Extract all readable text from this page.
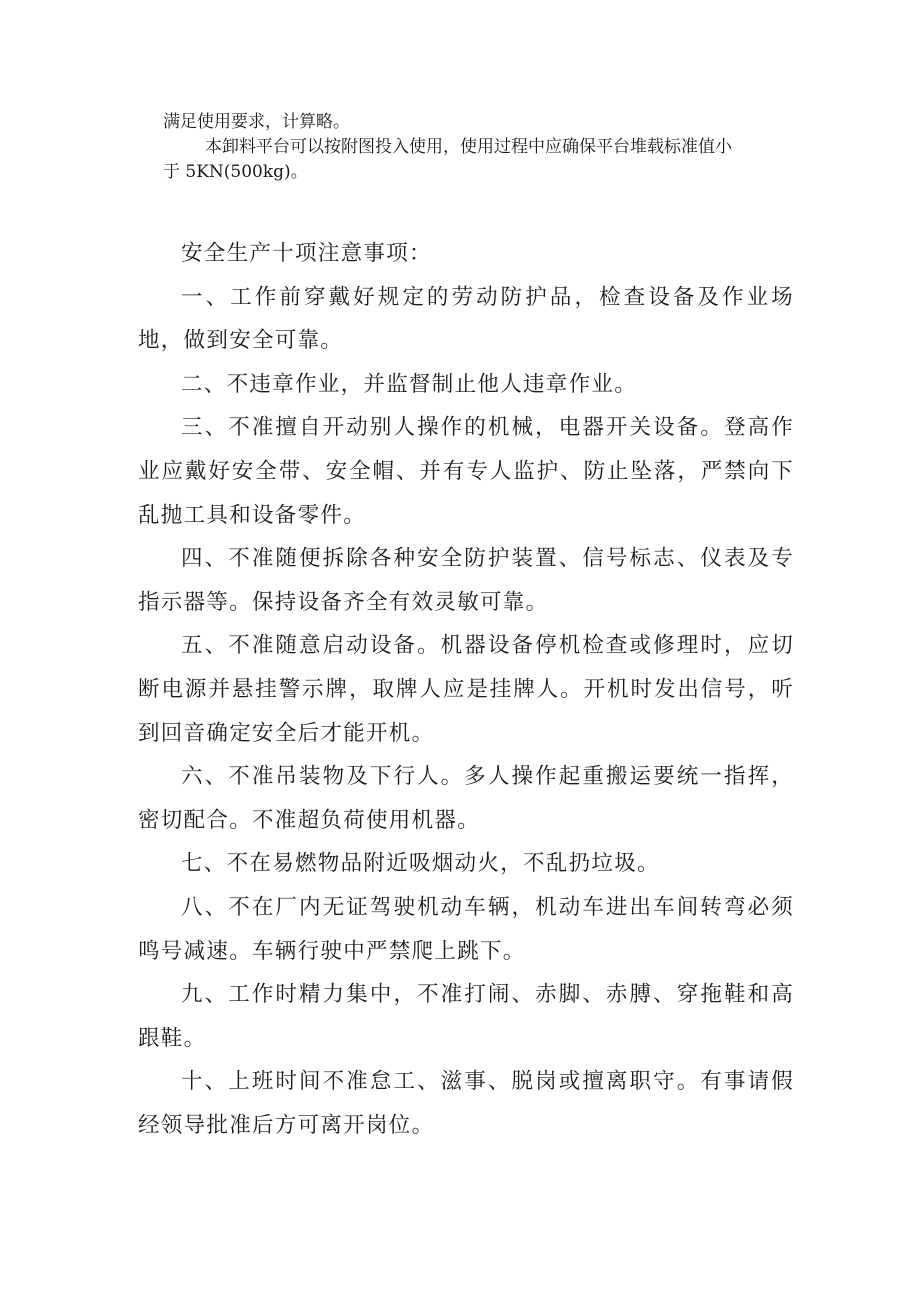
满足使用要求，计算略。

本卸料平台可以按附图投入使用，使用过程中应确保平台堆载标准值小

于 5KN(500kg)。

安全生产十项注意事项：

一、工作前穿戴好规定的劳动防护品，检查设备及作业场地，做到安全可靠。

二、不违章作业，并监督制止他人违章作业。

三、不准擅自开动别人操作的机械，电器开关设备。登高作业应戴好安全带、安全帽、并有专人监护、防止坠落，严禁向下乱抛工具和设备零件。

四、不准随便拆除各种安全防护装置、信号标志、仪表及专指示器等。保持设备齐全有效灵敏可靠。

五、不准随意启动设备。机器设备停机检查或修理时，应切断电源并悬挂警示牌，取牌人应是挂牌人。开机时发出信号，听到回音确定安全后才能开机。

六、不准吊装物及下行人。多人操作起重搬运要统一指挥，密切配合。不准超负荷使用机器。

七、不在易燃物品附近吸烟动火，不乱扔垃圾。

八、不在厂内无证驾驶机动车辆，机动车进出车间转弯必须鸣号减速。车辆行驶中严禁爬上跳下。

九、工作时精力集中，不准打闹、赤脚、赤膊、穿拖鞋和高跟鞋。

十、上班时间不准怠工、滋事、脱岗或擅离职守。有事请假经领导批准后方可离开岗位。
